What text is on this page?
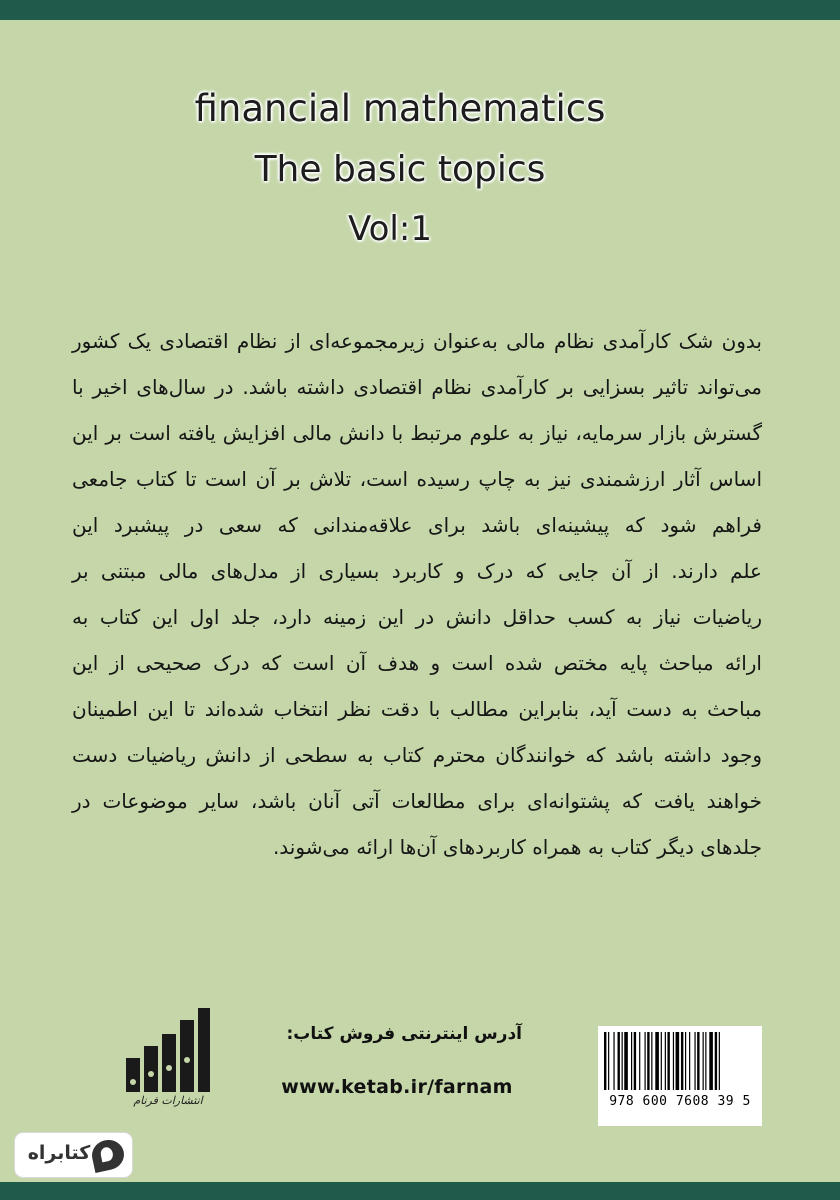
financial mathematics
The basic topics
Vol:1
بدون شک کارآمدی نظام مالی به‌عنوان زیرمجموعه‌ای از نظام اقتصادی یک کشور
می‌تواند تاثیر بسزایی بر کارآمدی نظام اقتصادی داشته باشد. در سال‌های اخیر با
گسترش بازار سرمایه، نیاز به علوم مرتبط با دانش مالی افزایش یافته است بر این
اساس آثار ارزشمندی نیز به چاپ رسیده است، تلاش بر آن است تا کتاب جامعی
فراهم شود که پیشینه‌ای باشد برای علاقه‌مندانی که سعی در پیشبرد این
علم دارند. از آن جایی که درک و کاربرد بسیاری از مدل‌های مالی مبتنی بر
ریاضیات نیاز به کسب حداقل دانش در این زمینه دارد، جلد اول این کتاب به
ارائه مباحث پایه مختص شده است و هدف آن است که درک صحیحی از این
مباحث به دست آید، بنابراین مطالب با دقت نظر انتخاب شده‌اند تا این اطمینان
وجود داشته باشد که خوانندگان محترم کتاب به سطحی از دانش ریاضیات دست
خواهند یافت که پشتوانه‌ای برای مطالعات آتی آنان باشد، سایر موضوعات در
جلدهای دیگر کتاب به همراه کاربردهای آن‌ها ارائه می‌شوند.
انتشارات فرنام
آدرس اینترنتی فروش کتاب:
www.ketab.ir/farnam
978 600 7608 39 5
کتابراه
